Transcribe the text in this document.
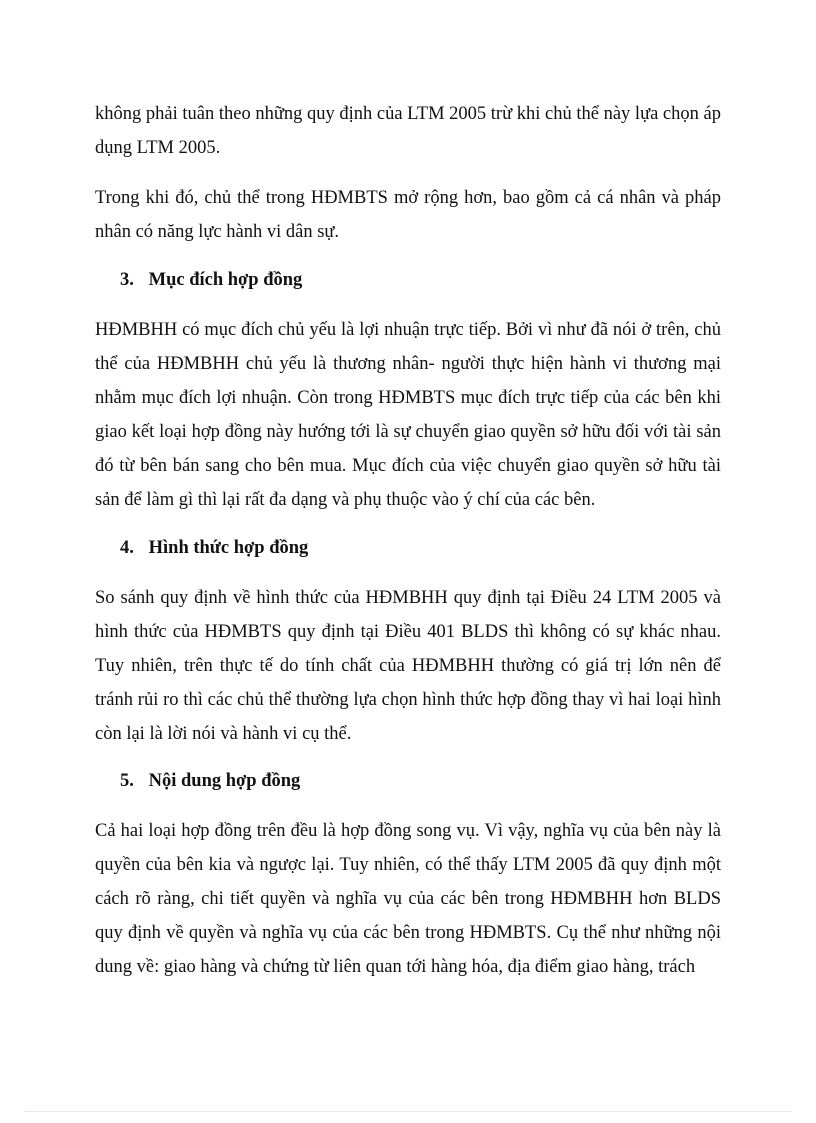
không phải tuân theo những quy định của LTM 2005 trừ khi chủ thể này lựa chọn áp dụng LTM 2005.

Trong khi đó, chủ thể trong HĐMBTS mở rộng hơn, bao gồm cả cá nhân và pháp nhân có năng lực hành vi dân sự.

3. Mục đích hợp đồng

HĐMBHH có mục đích chủ yếu là lợi nhuận trực tiếp. Bởi vì như đã nói ở trên, chủ thể của HĐMBHH chủ yếu là thương nhân- người thực hiện hành vi thương mại nhằm mục đích lợi nhuận. Còn trong HĐMBTS mục đích trực tiếp của các bên khi giao kết loại hợp đồng này hướng tới là sự chuyển giao quyền sở hữu đối với tài sản đó từ bên bán sang cho bên mua. Mục đích của việc chuyển giao quyền sở hữu tài sản để làm gì thì lại rất đa dạng và phụ thuộc vào ý chí của các bên.

4. Hình thức hợp đồng

So sánh quy định về hình thức của HĐMBHH quy định tại Điều 24 LTM 2005 và hình thức của HĐMBTS quy định tại Điều 401 BLDS thì không có sự khác nhau. Tuy nhiên, trên thực tế do tính chất của HĐMBHH thường có giá trị lớn nên để tránh rủi ro thì các chủ thể thường lựa chọn hình thức hợp đồng thay vì hai loại hình còn lại là lời nói và hành vi cụ thể.

5. Nội dung hợp đồng

Cả hai loại hợp đồng trên đều là hợp đồng song vụ. Vì vậy, nghĩa vụ của bên này là quyền của bên kia và ngược lại. Tuy nhiên, có thể thấy LTM 2005 đã quy định một cách rõ ràng, chi tiết quyền và nghĩa vụ của các bên trong HĐMBHH hơn BLDS quy định về quyền và nghĩa vụ của các bên trong HĐMBTS. Cụ thể như những nội dung về: giao hàng và chứng từ liên quan tới hàng hóa, địa điểm giao hàng, trách
